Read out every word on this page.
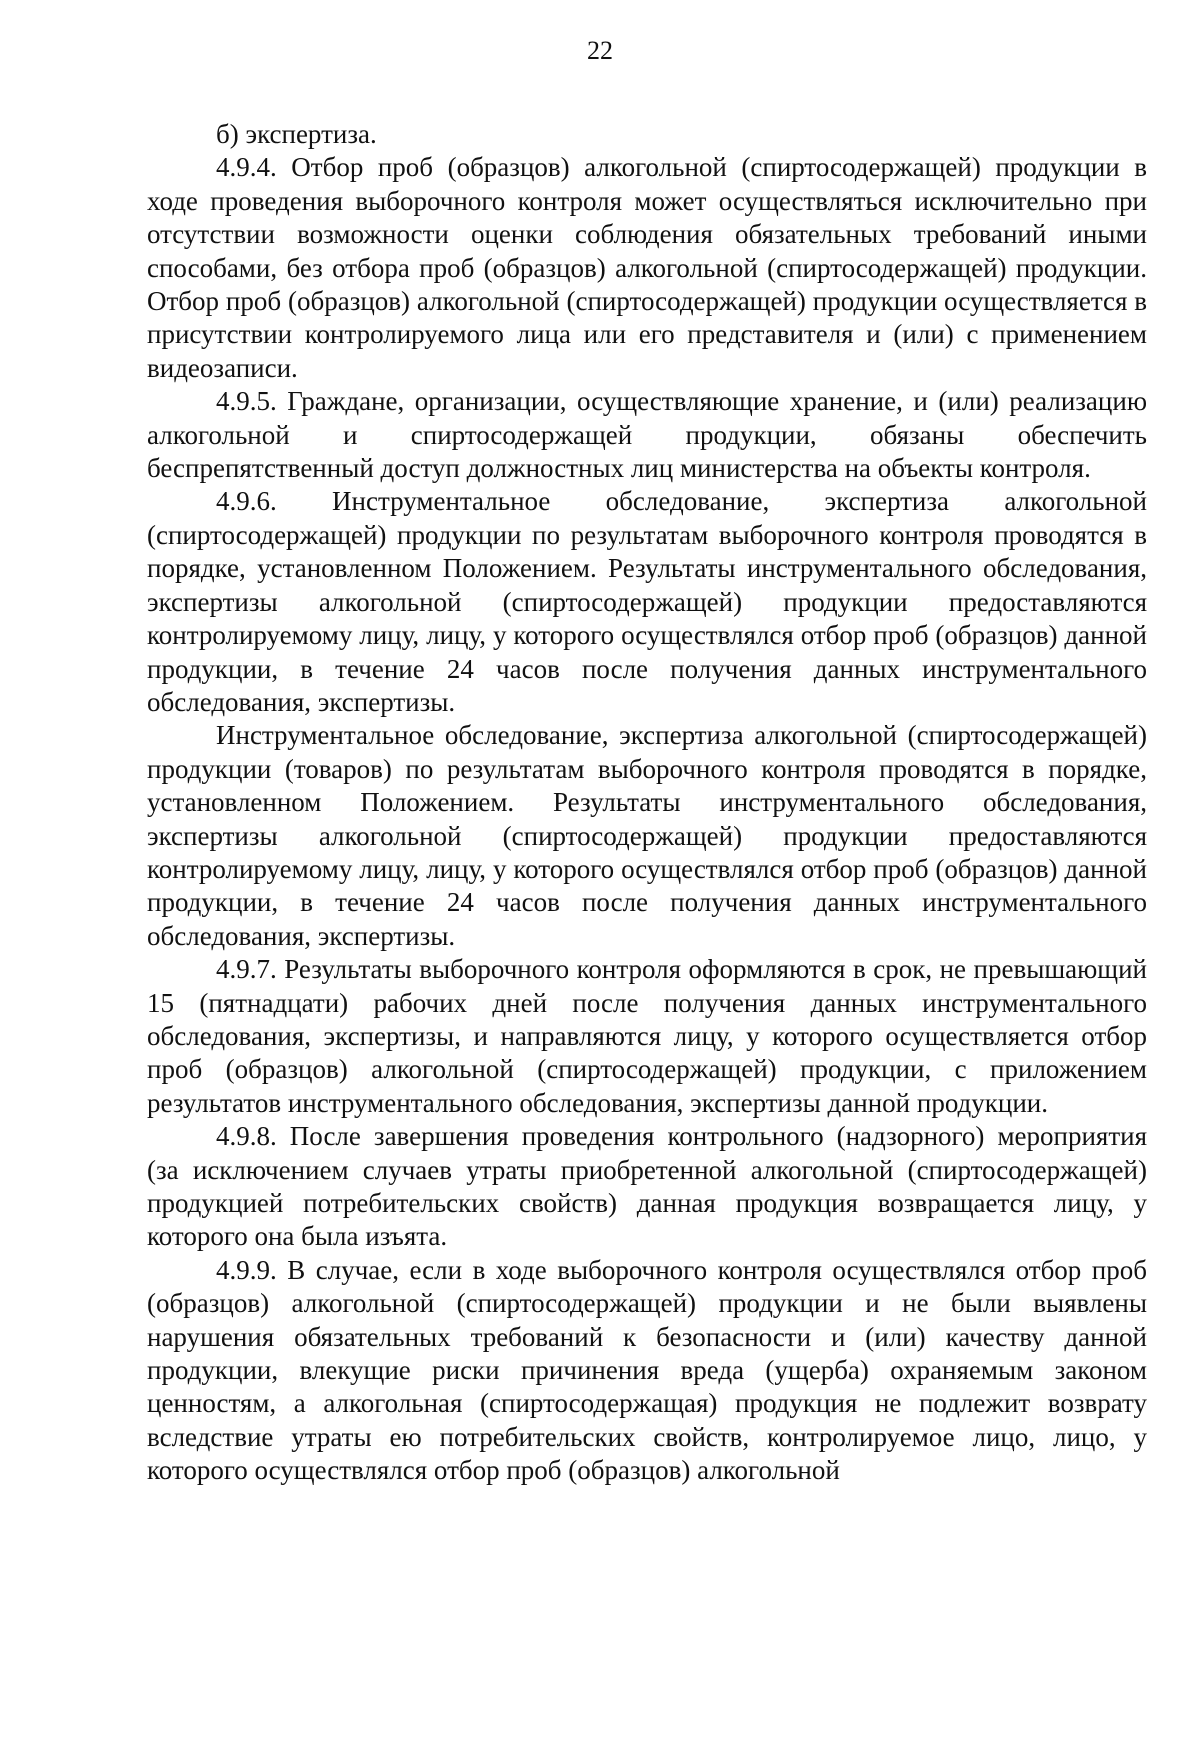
22

б) экспертиза.

4.9.4. Отбор проб (образцов) алкогольной (спиртосодержащей) продукции в ходе проведения выборочного контроля может осуществляться исключительно при отсутствии возможности оценки соблюдения обязательных требований иными способами, без отбора проб (образцов) алкогольной (спиртосодержащей) продукции. Отбор проб (образцов) алкогольной (спиртосодержащей) продукции осуществляется в присутствии контролируемого лица или его представителя и (или) с применением видеозаписи.

4.9.5. Граждане, организации, осуществляющие хранение, и (или) реализацию алкогольной и спиртосодержащей продукции, обязаны обеспечить беспрепятственный доступ должностных лиц министерства на объекты контроля.

4.9.6. Инструментальное обследование, экспертиза алкогольной (спиртосодержащей) продукции по результатам выборочного контроля проводятся в порядке, установленном Положением. Результаты инструментального обследования, экспертизы алкогольной (спиртосодержащей) продукции предоставляются контролируемому лицу, лицу, у которого осуществлялся отбор проб (образцов) данной продукции, в течение 24 часов после получения данных инструментального обследования, экспертизы.

Инструментальное обследование, экспертиза алкогольной (спиртосодержащей) продукции (товаров) по результатам выборочного контроля проводятся в порядке, установленном Положением. Результаты инструментального обследования, экспертизы алкогольной (спиртосодержащей) продукции предоставляются контролируемому лицу, лицу, у которого осуществлялся отбор проб (образцов) данной продукции, в течение 24 часов после получения данных инструментального обследования, экспертизы.

4.9.7. Результаты выборочного контроля оформляются в срок, не превышающий 15 (пятнадцати) рабочих дней после получения данных инструментального обследования, экспертизы, и направляются лицу, у которого осуществляется отбор проб (образцов) алкогольной (спиртосодержащей) продукции, с приложением результатов инструментального обследования, экспертизы данной продукции.

4.9.8. После завершения проведения контрольного (надзорного) мероприятия (за исключением случаев утраты приобретенной алкогольной (спиртосодержащей) продукцией потребительских свойств) данная продукция возвращается лицу, у которого она была изъята.

4.9.9. В случае, если в ходе выборочного контроля осуществлялся отбор проб (образцов) алкогольной (спиртосодержащей) продукции и не были выявлены нарушения обязательных требований к безопасности и (или) качеству данной продукции, влекущие риски причинения вреда (ущерба) охраняемым законом ценностям, а алкогольная (спиртосодержащая) продукция не подлежит возврату вследствие утраты ею потребительских свойств, контролируемое лицо, лицо, у которого осуществлялся отбор проб (образцов) алкогольной
